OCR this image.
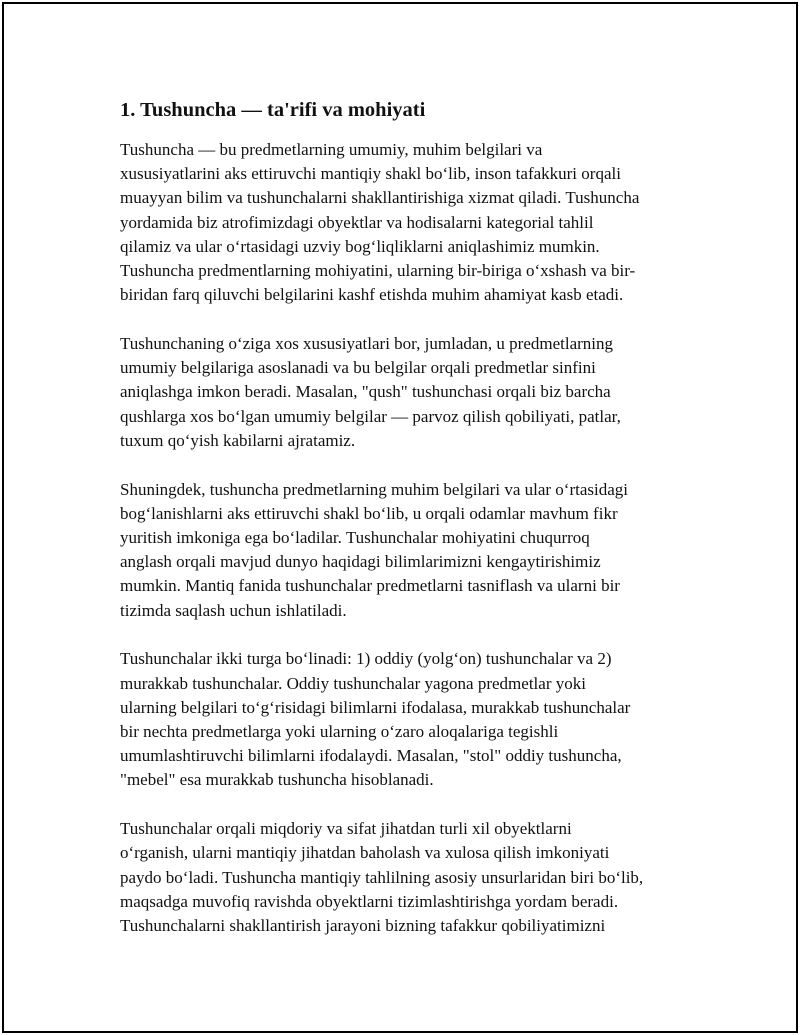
1. Tushuncha — ta'rifi va mohiyati

Tushuncha — bu predmetlarning umumiy, muhim belgilari va
xususiyatlarini aks ettiruvchi mantiqiy shakl boʻlib, inson tafakkuri orqali
muayyan bilim va tushunchalarni shakllantirishiga xizmat qiladi. Tushuncha
yordamida biz atrofimizdagi obyektlar va hodisalarni kategorial tahlil
qilamiz va ular oʻrtasidagi uzviy bogʻliqliklarni aniqlashimiz mumkin.
Tushuncha predmentlarning mohiyatini, ularning bir-biriga oʻxshash va bir-
biridan farq qiluvchi belgilarini kashf etishda muhim ahamiyat kasb etadi.

Tushunchaning oʻziga xos xususiyatlari bor, jumladan, u predmetlarning
umumiy belgilariga asoslanadi va bu belgilar orqali predmetlar sinfini
aniqlashga imkon beradi. Masalan, "qush" tushunchasi orqali biz barcha
qushlarga xos boʻlgan umumiy belgilar — parvoz qilish qobiliyati, patlar,
tuxum qoʻyish kabilarni ajratamiz.

Shuningdek, tushuncha predmetlarning muhim belgilari va ular oʻrtasidagi
bogʻlanishlarni aks ettiruvchi shakl boʻlib, u orqali odamlar mavhum fikr
yuritish imkoniga ega boʻladilar. Tushunchalar mohiyatini chuqurroq
anglash orqali mavjud dunyo haqidagi bilimlarimizni kengaytirishimiz
mumkin. Mantiq fanida tushunchalar predmetlarni tasniflash va ularni bir
tizimda saqlash uchun ishlatiladi.

Tushunchalar ikki turga boʻlinadi: 1) oddiy (yolgʻon) tushunchalar va 2)
murakkab tushunchalar. Oddiy tushunchalar yagona predmetlar yoki
ularning belgilari toʻgʻrisidagi bilimlarni ifodalasa, murakkab tushunchalar
bir nechta predmetlarga yoki ularning oʻzaro aloqalariga tegishli
umumlashtiruvchi bilimlarni ifodalaydi. Masalan, "stol" oddiy tushuncha,
"mebel" esa murakkab tushuncha hisoblanadi.

Tushunchalar orqali miqdoriy va sifat jihatdan turli xil obyektlarni
oʻrganish, ularni mantiqiy jihatdan baholash va xulosa qilish imkoniyati
paydo boʻladi. Tushuncha mantiqiy tahlilning asosiy unsurlaridan biri boʻlib,
maqsadga muvofiq ravishda obyektlarni tizimlashtirishga yordam beradi.
Tushunchalarni shakllantirish jarayoni bizning tafakkur qobiliyatimizni
